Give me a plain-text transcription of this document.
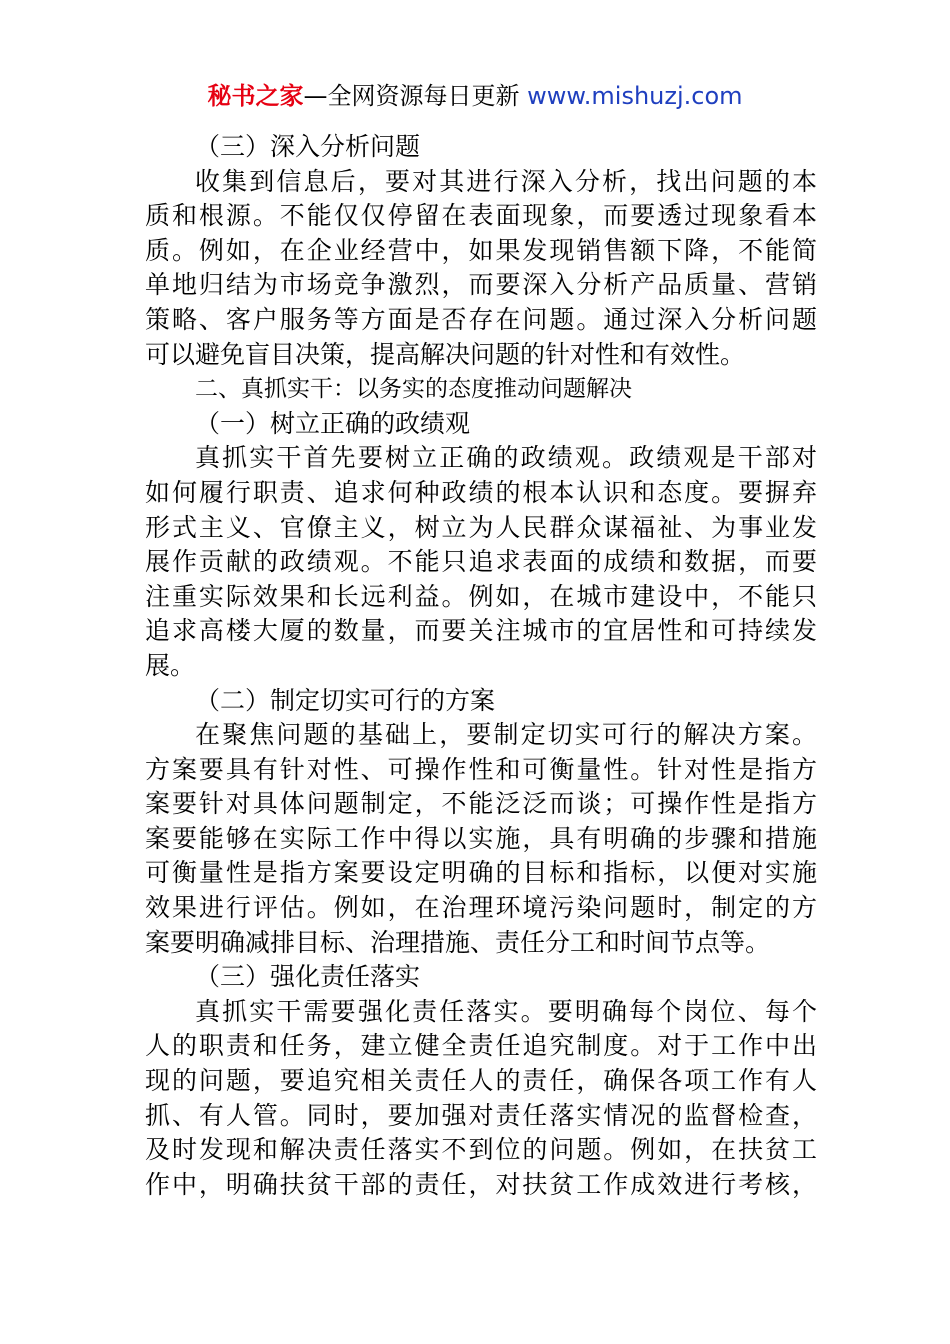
秘书之家—全网资源每日更新 www.mishuzj.com
（三）深入分析问题
收集到信息后，要对其进行深入分析，找出问题的本
质和根源。不能仅仅停留在表面现象，而要透过现象看本
质。例如，在企业经营中，如果发现销售额下降，不能简
单地归结为市场竞争激烈，而要深入分析产品质量、营销
策略、客户服务等方面是否存在问题。通过深入分析问题
可以避免盲目决策，提高解决问题的针对性和有效性。
二、真抓实干：以务实的态度推动问题解决
（一）树立正确的政绩观
真抓实干首先要树立正确的政绩观。政绩观是干部对
如何履行职责、追求何种政绩的根本认识和态度。要摒弃
形式主义、官僚主义，树立为人民群众谋福祉、为事业发
展作贡献的政绩观。不能只追求表面的成绩和数据，而要
注重实际效果和长远利益。例如，在城市建设中，不能只
追求高楼大厦的数量，而要关注城市的宜居性和可持续发
展。
（二）制定切实可行的方案
在聚焦问题的基础上，要制定切实可行的解决方案。
方案要具有针对性、可操作性和可衡量性。针对性是指方
案要针对具体问题制定，不能泛泛而谈；可操作性是指方
案要能够在实际工作中得以实施，具有明确的步骤和措施
可衡量性是指方案要设定明确的目标和指标，以便对实施
效果进行评估。例如，在治理环境污染问题时，制定的方
案要明确减排目标、治理措施、责任分工和时间节点等。
（三）强化责任落实
真抓实干需要强化责任落实。要明确每个岗位、每个
人的职责和任务，建立健全责任追究制度。对于工作中出
现的问题，要追究相关责任人的责任，确保各项工作有人
抓、有人管。同时，要加强对责任落实情况的监督检查，
及时发现和解决责任落实不到位的问题。例如，在扶贫工
作中，明确扶贫干部的责任，对扶贫工作成效进行考核，
